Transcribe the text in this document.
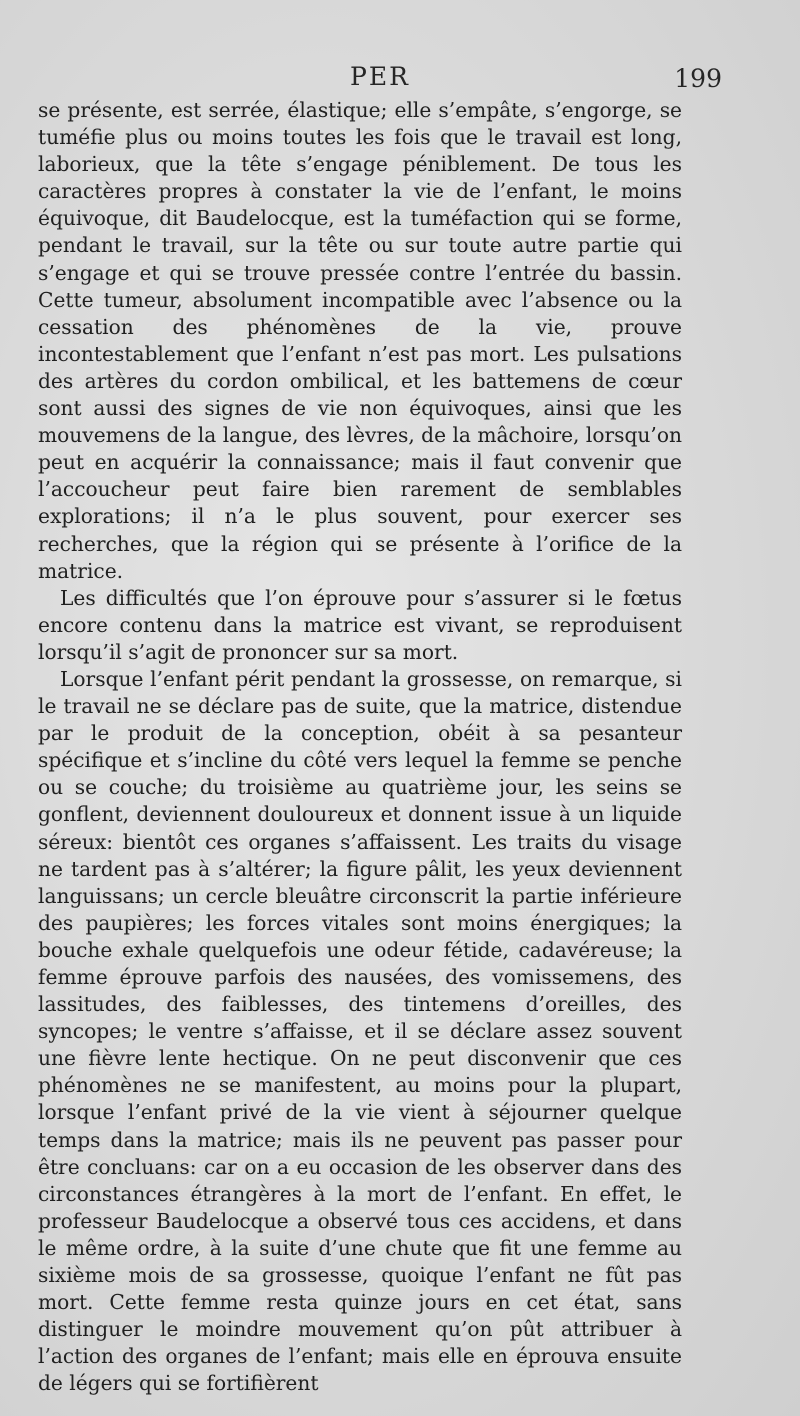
PER	199

se présente, est serrée, élastique; elle s’empâte, s’engorge, se tuméfie plus ou moins toutes les fois que le travail est long, laborieux, que la tête s’engage péniblement. De tous les caractères propres à constater la vie de l’enfant, le moins équivoque, dit Baudelocque, est la tuméfaction qui se forme, pendant le travail, sur la tête ou sur toute autre partie qui s’engage et qui se trouve pressée contre l’entrée du bassin. Cette tumeur, absolument incompatible avec l’absence ou la cessation des phénomènes de la vie, prouve incontestablement que l’enfant n’est pas mort. Les pulsations des artères du cordon ombilical, et les battemens de cœur sont aussi des signes de vie non équivoques, ainsi que les mouvemens de la langue, des lèvres, de la mâchoire, lorsqu’on peut en acquérir la connaissance; mais il faut convenir que l’accoucheur peut faire bien rarement de semblables explorations; il n’a le plus souvent, pour exercer ses recherches, que la région qui se présente à l’orifice de la matrice.

Les difficultés que l’on éprouve pour s’assurer si le fœtus encore contenu dans la matrice est vivant, se reproduisent lorsqu’il s’agit de prononcer sur sa mort.

Lorsque l’enfant périt pendant la grossesse, on remarque, si le travail ne se déclare pas de suite, que la matrice, distendue par le produit de la conception, obéit à sa pesanteur spécifique et s’incline du côté vers lequel la femme se penche ou se couche; du troisième au quatrième jour, les seins se gonflent, deviennent douloureux et donnent issue à un liquide séreux: bientôt ces organes s’affaissent. Les traits du visage ne tardent pas à s’altérer; la figure pâlit, les yeux deviennent languissans; un cercle bleuâtre circonscrit la partie inférieure des paupières; les forces vitales sont moins énergiques; la bouche exhale quelquefois une odeur fétide, cadavéreuse; la femme éprouve parfois des nausées, des vomissemens, des lassitudes, des faiblesses, des tintemens d’oreilles, des syncopes; le ventre s’affaisse, et il se déclare assez souvent une fièvre lente hectique. On ne peut disconvenir que ces phénomènes ne se manifestent, au moins pour la plupart, lorsque l’enfant privé de la vie vient à séjourner quelque temps dans la matrice; mais ils ne peuvent pas passer pour être concluans: car on a eu occasion de les observer dans des circonstances étrangères à la mort de l’enfant. En effet, le professeur Baudelocque a observé tous ces accidens, et dans le même ordre, à la suite d’une chute que fit une femme au sixième mois de sa grossesse, quoique l’enfant ne fût pas mort. Cette femme resta quinze jours en cet état, sans distinguer le moindre mouvement qu’on pût attribuer à l’action des organes de l’enfant; mais elle en éprouva ensuite de légers qui se fortifièrent
